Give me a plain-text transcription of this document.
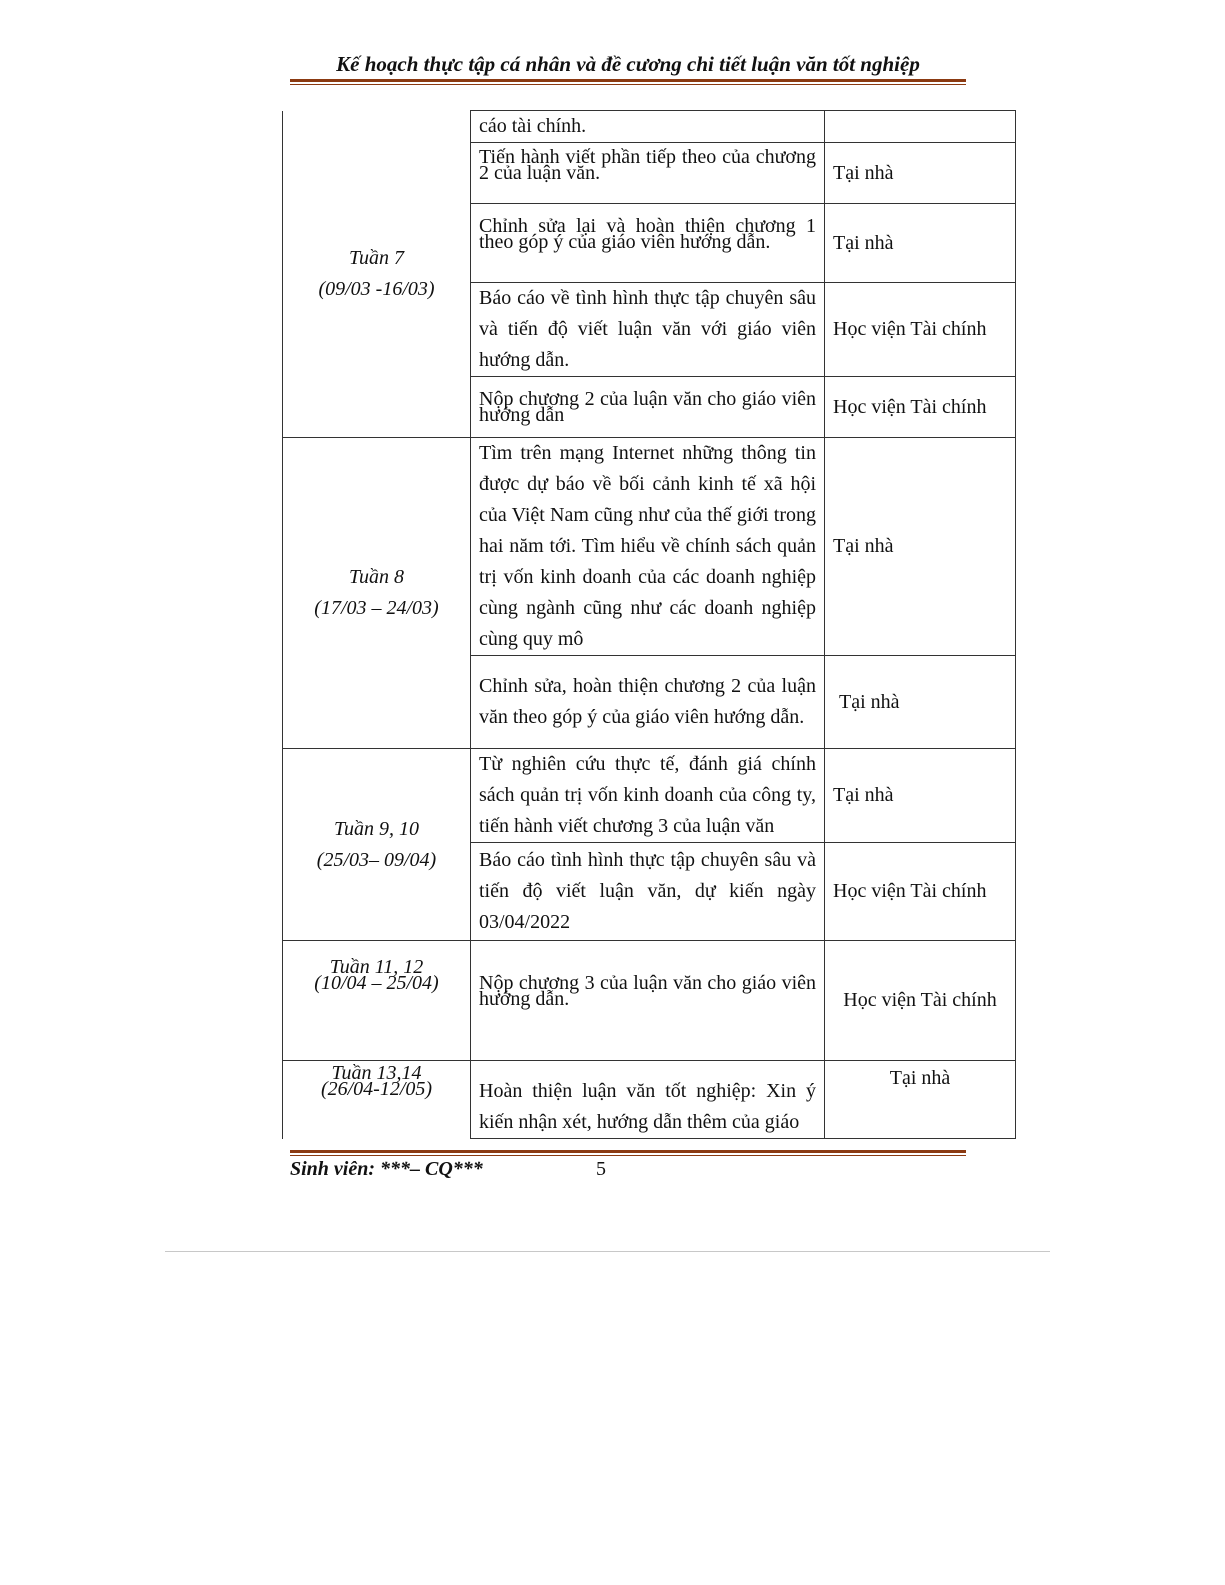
Kế hoạch thực tập cá nhân và đề cương chi tiết luận văn tốt nghiệp
Tuần 7
(09/03 -16/03)	cáo tài chính.	
	Tiến hành viết phần tiếp theo của chương 2 của luận văn.	Tại nhà
	Chỉnh sửa lại và hoàn thiện chương 1 theo góp ý của giáo viên hướng dẫn.	Tại nhà
	Báo cáo về tình hình thực tập chuyên sâu và tiến độ viết luận văn với giáo viên hướng dẫn.	Học viện Tài chính
	Nộp chương 2 của luận văn cho giáo viên hướng dẫn	Học viện Tài chính

Tuần 8
(17/03 – 24/03)	Tìm trên mạng Internet những thông tin được dự báo về bối cảnh kinh tế xã hội của Việt Nam cũng như của thế giới trong hai năm tới. Tìm hiểu về chính sách quản trị vốn kinh doanh của các doanh nghiệp cùng ngành cũng như các doanh nghiệp cùng quy mô	Tại nhà
	Chỉnh sửa, hoàn thiện chương 2 của luận văn theo góp ý của giáo viên hướng dẫn.	Tại nhà

Tuần 9, 10
(25/03– 09/04)	Từ nghiên cứu thực tế, đánh giá chính sách quản trị vốn kinh doanh của công ty, tiến hành viết chương 3 của luận văn	Tại nhà
	Báo cáo tình hình thực tập chuyên sâu và tiến độ viết luận văn, dự kiến ngày 03/04/2022	Học viện Tài chính

Tuần 11, 12
(10/04 – 25/04)	Nộp chương 3 của luận văn cho giáo viên hướng dẫn.	Học viện Tài chính

Tuần 13,14
(26/04-12/05)	Hoàn thiện luận văn tốt nghiệp: Xin ý kiến nhận xét, hướng dẫn thêm của giáo	Tại nhà
Sinh viên: ***– CQ***	5
